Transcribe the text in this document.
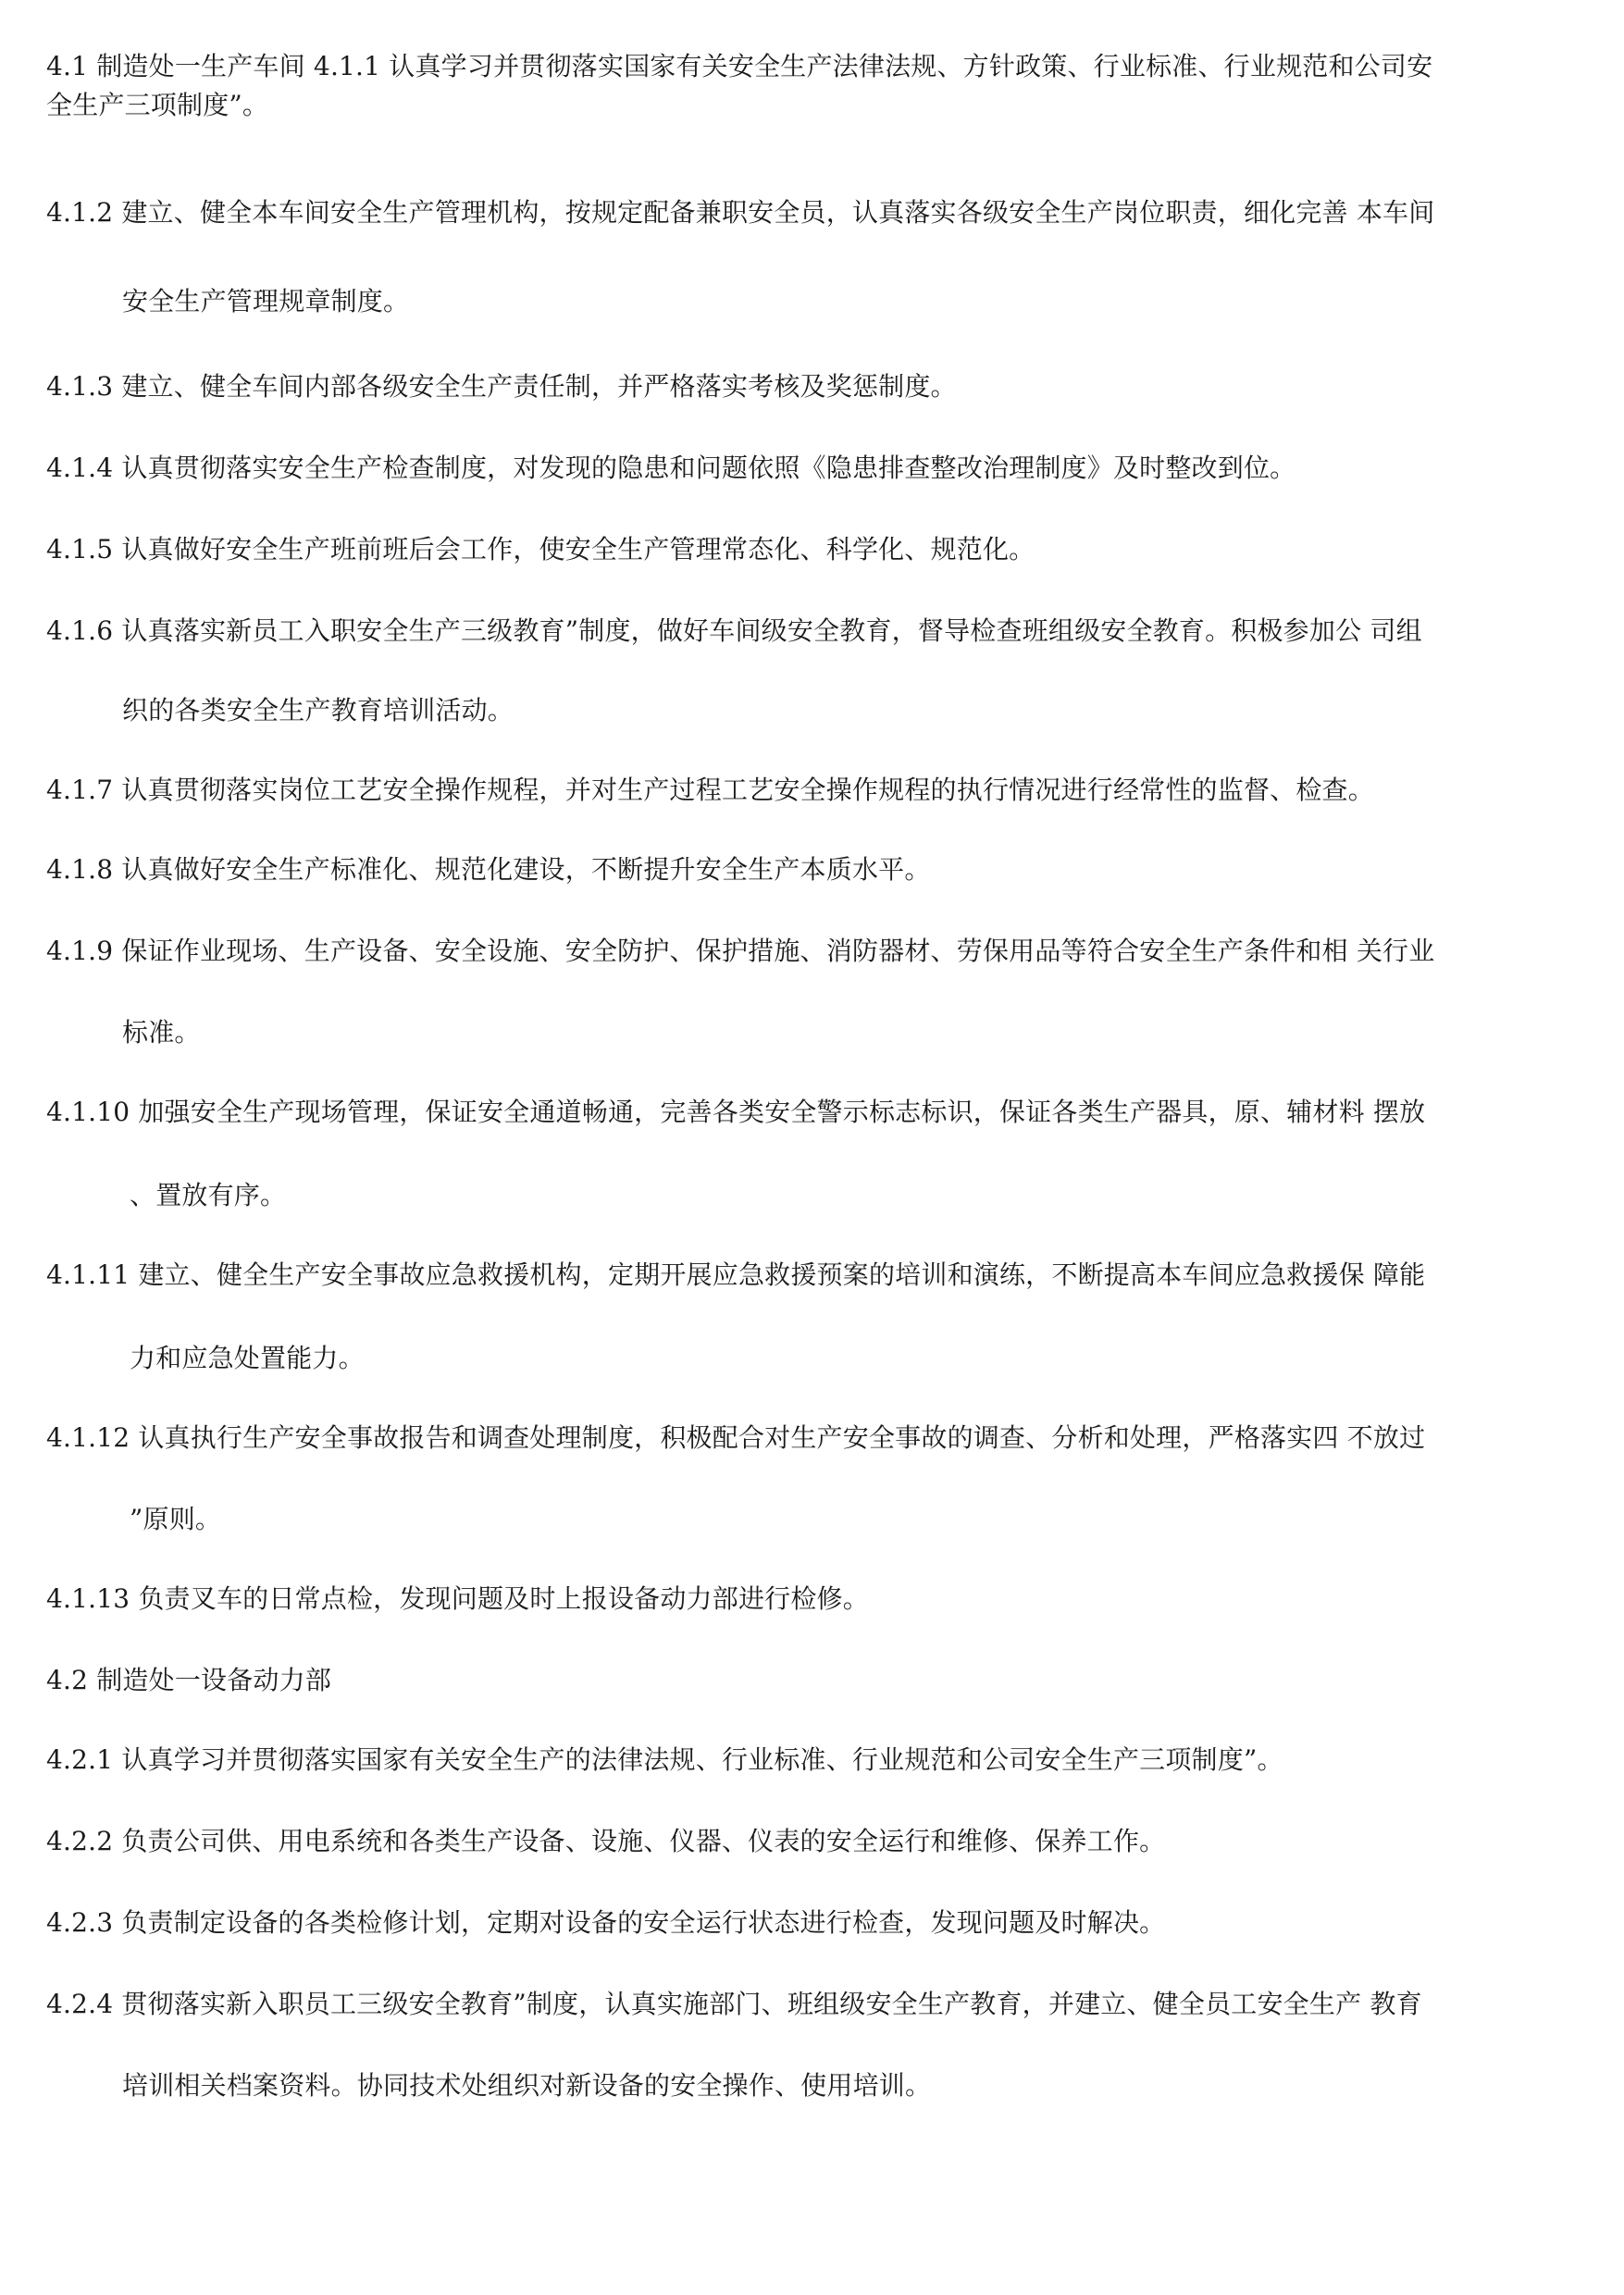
4.1 制造处一生产车间 4.1.1 认真学习并贯彻落实国家有关安全生产法律法规、方针政策、行业标准、行业规范和公司安
全生产三项制度”。
4.1.2 建立、健全本车间安全生产管理机构，按规定配备兼职安全员，认真落实各级安全生产岗位职责，细化完善 本车间
安全生产管理规章制度。
4.1.3 建立、健全车间内部各级安全生产责任制，并严格落实考核及奖惩制度。
4.1.4 认真贯彻落实安全生产检查制度，对发现的隐患和问题依照《隐患排查整改治理制度》及时整改到位。
4.1.5 认真做好安全生产班前班后会工作，使安全生产管理常态化、科学化、规范化。
4.1.6 认真落实新员工入职安全生产三级教育”制度，做好车间级安全教育，督导检查班组级安全教育。积极参加公 司组
织的各类安全生产教育培训活动。
4.1.7 认真贯彻落实岗位工艺安全操作规程，并对生产过程工艺安全操作规程的执行情况进行经常性的监督、检查。
4.1.8 认真做好安全生产标准化、规范化建设，不断提升安全生产本质水平。
4.1.9 保证作业现场、生产设备、安全设施、安全防护、保护措施、消防器材、劳保用品等符合安全生产条件和相 关行业
标准。
4.1.10 加强安全生产现场管理，保证安全通道畅通，完善各类安全警示标志标识，保证各类生产器具，原、辅材料 摆放
、置放有序。
4.1.11 建立、健全生产安全事故应急救援机构，定期开展应急救援预案的培训和演练，不断提高本车间应急救援保 障能
力和应急处置能力。
4.1.12 认真执行生产安全事故报告和调查处理制度，积极配合对生产安全事故的调查、分析和处理，严格落实四 不放过
”原则。
4.1.13 负责叉车的日常点检，发现问题及时上报设备动力部进行检修。
4.2 制造处一设备动力部
4.2.1 认真学习并贯彻落实国家有关安全生产的法律法规、行业标准、行业规范和公司安全生产三项制度”。
4.2.2 负责公司供、用电系统和各类生产设备、设施、仪器、仪表的安全运行和维修、保养工作。
4.2.3 负责制定设备的各类检修计划，定期对设备的安全运行状态进行检查，发现问题及时解决。
4.2.4 贯彻落实新入职员工三级安全教育”制度，认真实施部门、班组级安全生产教育，并建立、健全员工安全生产 教育
培训相关档案资料。协同技术处组织对新设备的安全操作、使用培训。
